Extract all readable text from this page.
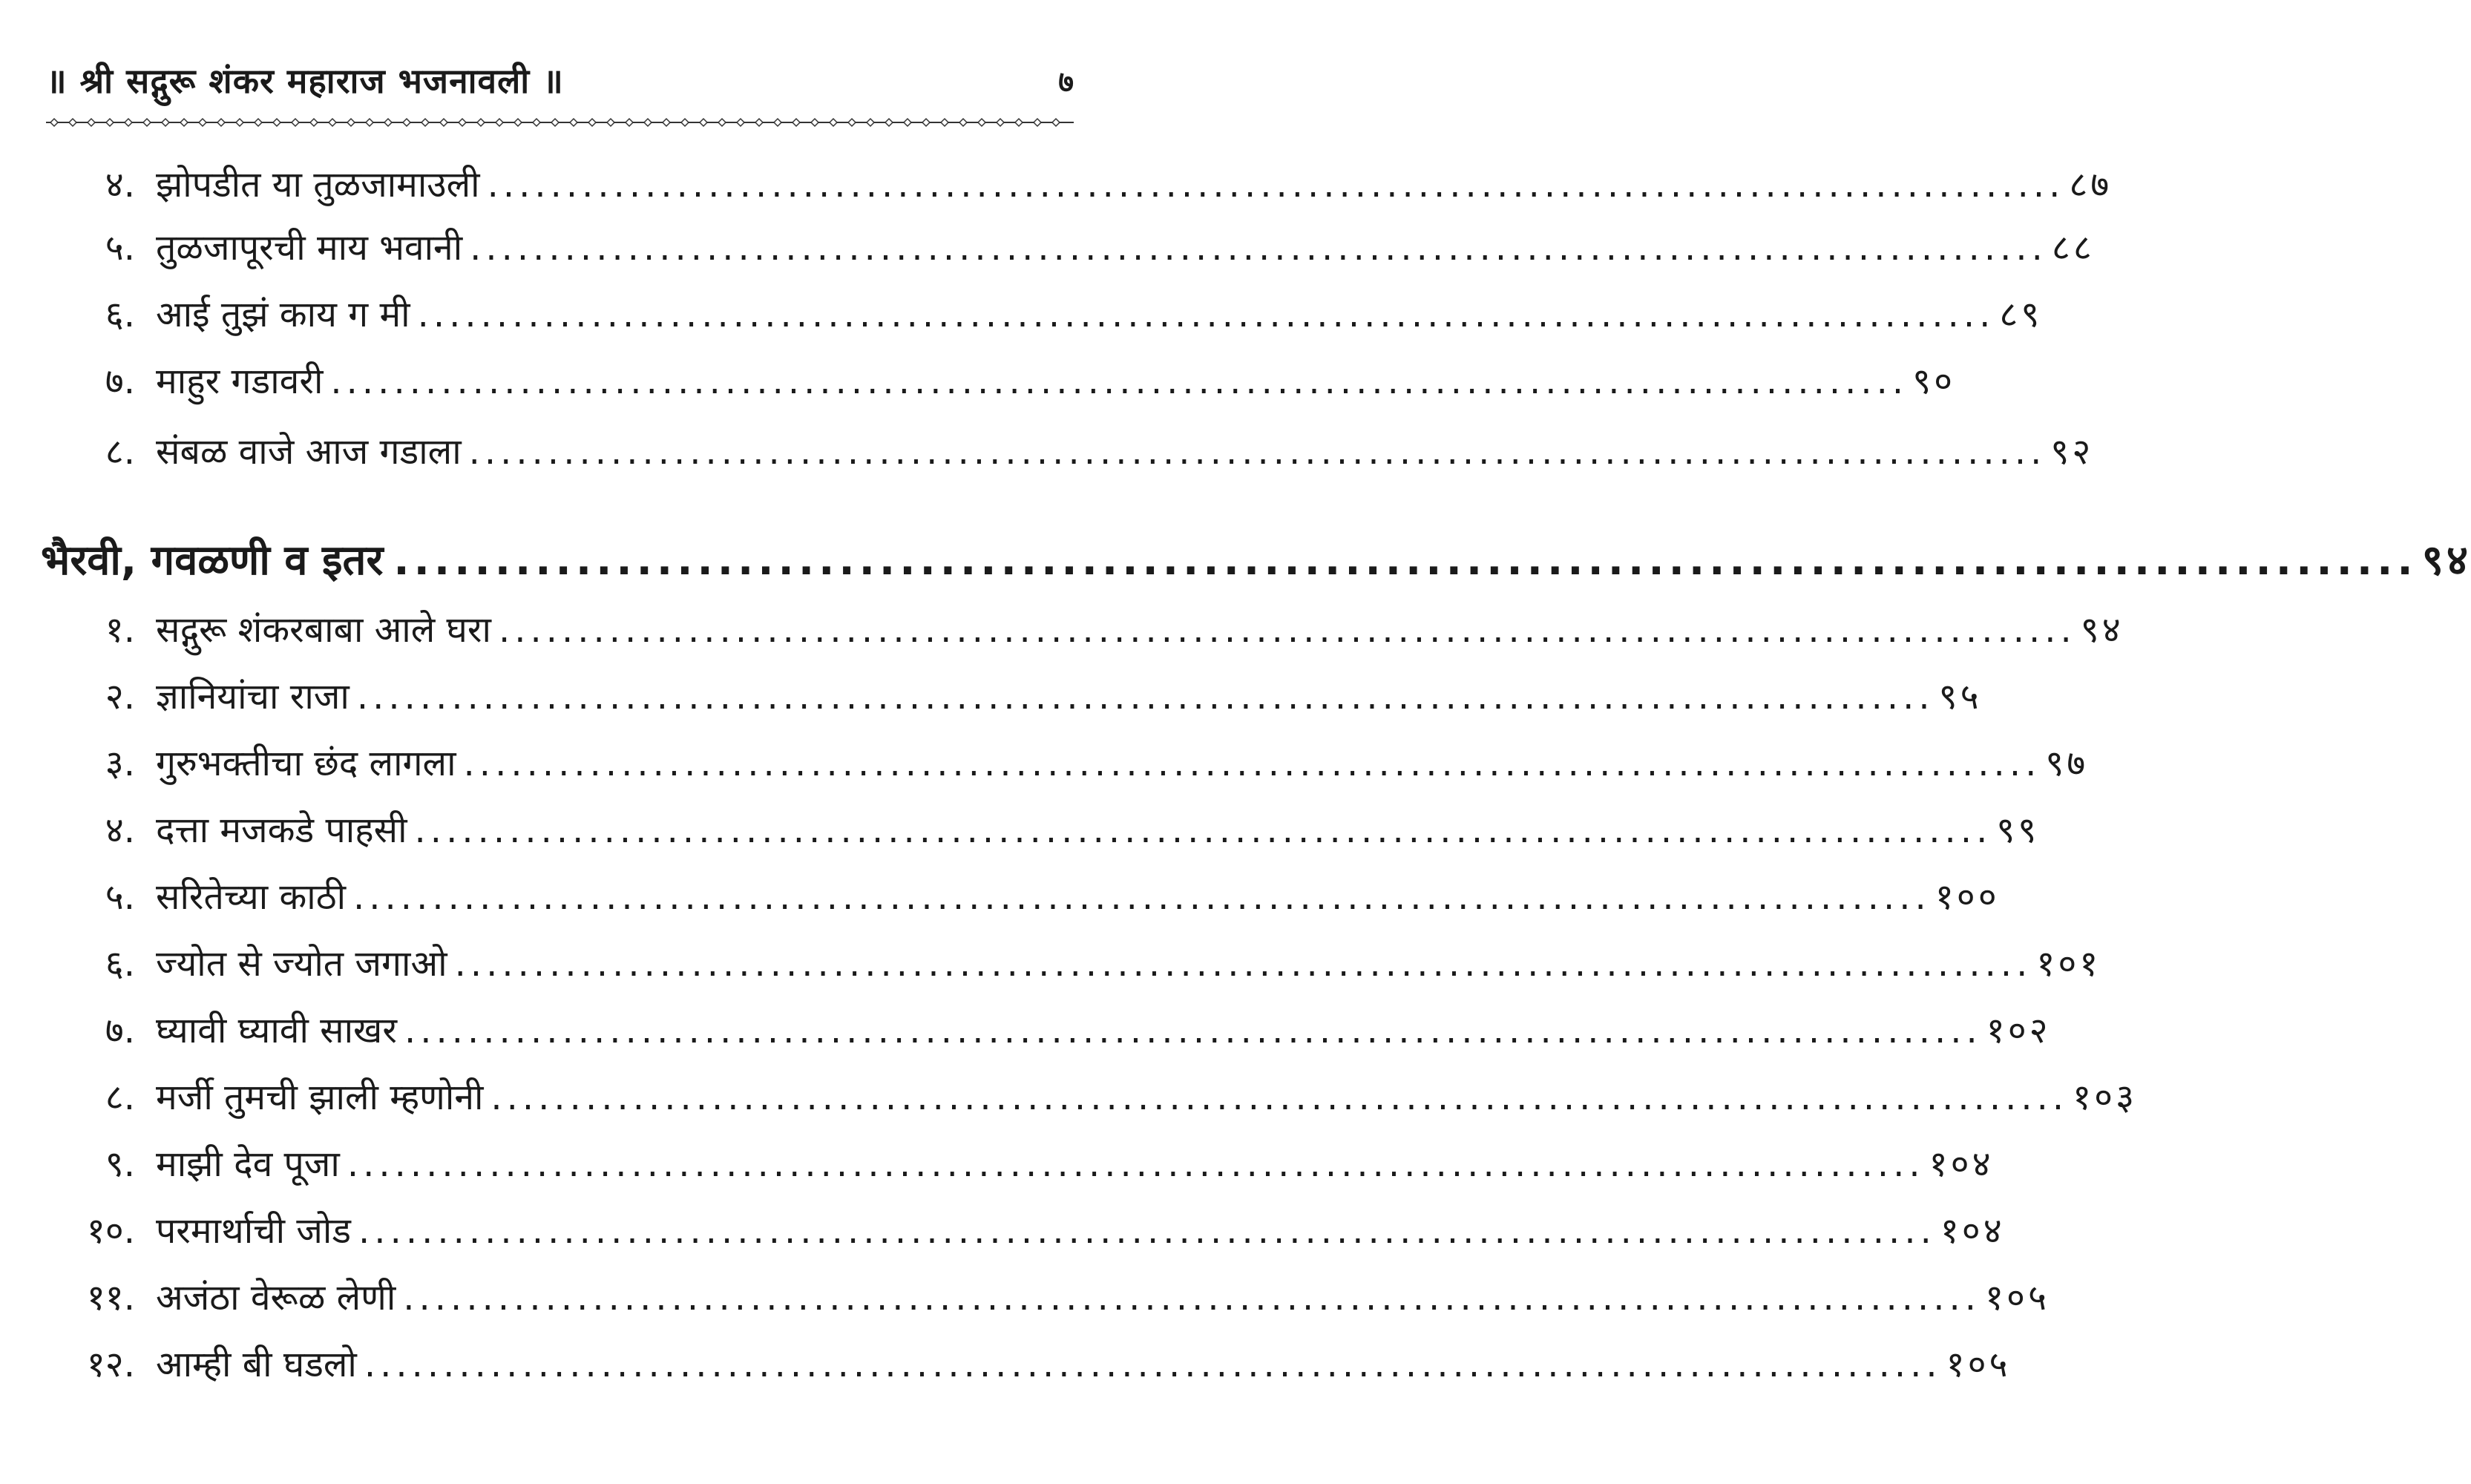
॥ श्री सद्गुरू शंकर महाराज भजनावली ॥	७
४. झोपडीत या तुळजामाउली .................................................................................................... ८७
५. तुळजापूरची माय भवानी .................................................................................................... ८८
६. आई तुझं काय ग मी .................................................................................................... ८९
७. माहुर गडावरी .................................................................................................... ९०
८. संबळ वाजे आज गडाला .................................................................................................... ९२
भैरवी, गवळणी व इतर .................................................................................................... ९४
१. सद्गुरू शंकरबाबा आले घरा .................................................................................................... ९४
२. ज्ञानियांचा राजा .................................................................................................... ९५
३. गुरुभक्तीचा छंद लागला .................................................................................................... ९७
४. दत्ता मजकडे पाहसी .................................................................................................... ९९
५. सरितेच्या काठी .................................................................................................... १००
६. ज्योत से ज्योत जगाओ .................................................................................................... १०१
७. घ्यावी घ्यावी साखर .................................................................................................... १०२
८. मर्जी तुमची झाली म्हणोनी .................................................................................................... १०३
९. माझी देव पूजा .................................................................................................... १०४
१०. परमार्थाची जोड .................................................................................................... १०४
११. अजंठा वेरूळ लेणी .................................................................................................... १०५
१२. आम्ही बी घडलो .................................................................................................... १०५
